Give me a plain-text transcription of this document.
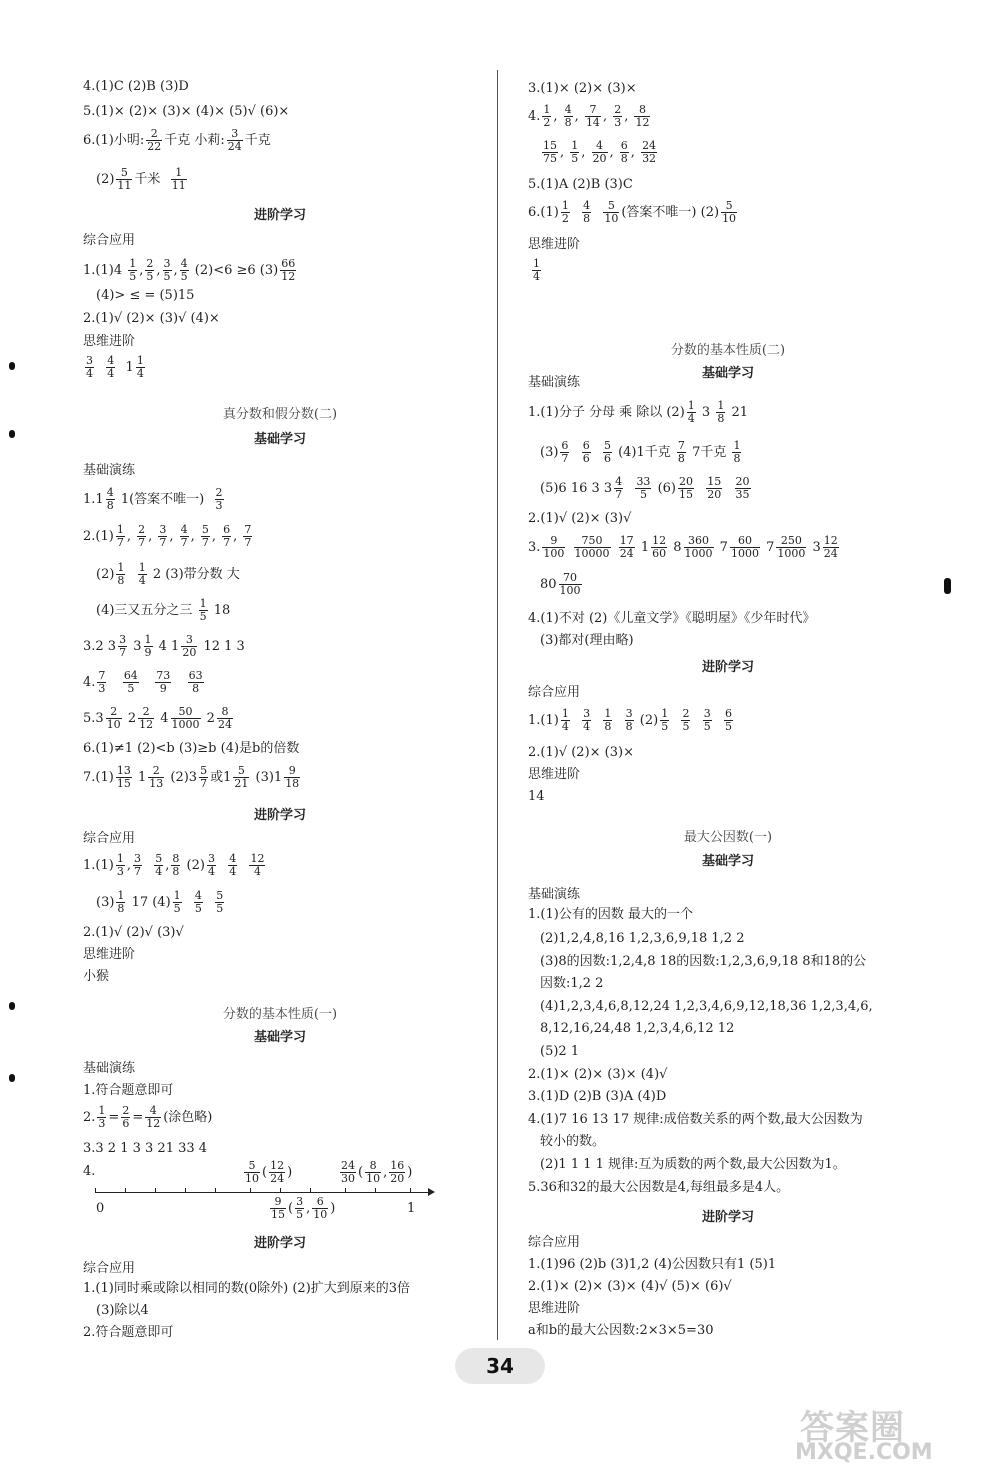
4.(1)C (2)B (3)D
5.(1)× (2)× (3)× (4)× (5)√ (6)×
6.(1)小明: $\frac{2}{22}$ 千克 小莉: $\frac{3}{24}$ 千克
$(2) \frac{5}{11}$ 千米 $\frac{1}{11}$
进阶学习
综合应用
$1.(1)4 \frac{1}{5}$ , $\frac{2}{5}$ , $\frac{3}{5}$ , $\frac{4}{5} (2)<6 \ge 6$ $(3) \frac{66}{12}$
(4)> ≤ = (5)15
2.(1)√ (2)× (3)√ (4)×
思维进阶
$\frac{3}{4}$
$\frac{4}{4} 1 \frac{1}{4}$
真分数和假分数(二)
基础学习
基础演练
$1.1 \frac{4}{8} 1$(答案不唯一) $\frac{2}{3}$
$2.(1) \frac{1}{7}$ , $\frac{2}{7}$ , $\frac{3}{7}$ , $\frac{4}{7}$ , $\frac{5}{7}$ , $\frac{6}{7}$ , $\frac{7}{7}$
$(2) \frac{1}{8}$
$\frac{1}{4} 2$ (3)带分数 大
(4)三又五分之三 $\frac{1}{5} 18$
3.2 $3 \frac{3}{7} 3 \frac{1}{9} 4$ $1 \frac{3}{20} 12$ 1 3
4. $\frac{7}{3}$
$\frac{64}{5}$
$\frac{73}{9}$
$\frac{63}{8}$
$5.3 \frac{2}{10} 2 \frac{2}{12} 4 \frac{50}{1000} 2 \frac{8}{24}$
6.(1)≠1 (2)<b (3)≥b (4)是b的倍数
$7.(1) \frac{13}{15} 1 \frac{2}{13} (2)3 \frac{5}{7}$ 或$1 \frac{5}{21} (3)1 \frac{9}{18}$
进阶学习
综合应用
$1.(1) \frac{1}{3}$ , $\frac{3}{7}$
$\frac{5}{4}$ , $\frac{8}{8} (2) \frac{3}{4}$
$\frac{4}{4}$
$\frac{12}{4}$
$(3) \frac{1}{8} 17$ $(4) \frac{1}{5}$
$\frac{4}{5}$
$\frac{5}{5}$
2.(1)√ (2)√ (3)√
思维进阶
小猴
分数的基本性质(一)
基础学习
基础演练
1.符合题意即可
2. $\frac{1}{3} = \frac{2}{6} = \frac{4}{12}$ (涂色略)
3.3 2 1 3 3 21 33 4
4.	$\frac{5}{10}$ ( $\frac{12}{24}$ )	$\frac{24}{30}$ ( $\frac{8}{10}$ , $\frac{16}{20}$ )
0	1
$\frac{9}{15}$ ( $\frac{3}{5}$ , $\frac{6}{10}$ )
进阶学习
综合应用
1.(1)同时乘或除以相同的数(0除外) (2)扩大到原来的3倍
(3)除以4
2.符合题意即可
3.(1)× (2)× (3)×
4. $\frac{1}{2}$ , $\frac{4}{8}$ , $\frac{7}{14}$ , $\frac{2}{3}$ , $\frac{8}{12}$
$\frac{15}{75}$ , $\frac{1}{5}$ , $\frac{4}{20}$ , $\frac{6}{8}$ , $\frac{24}{32}$
5.(1)A (2)B (3)C
$6.(1) \frac{1}{2}$
$\frac{4}{8}$
$\frac{5}{10}$ (答案不唯一) $(2) \frac{5}{10}$
思维进阶
$\frac{1}{4}$
分数的基本性质(二)
基础学习
基础演练
1.(1)分子 分母 乘 除以 $(2) \frac{1}{4} 3 \frac{1}{8} 21$
$(3) \frac{6}{7}$
$\frac{6}{6}$
$\frac{5}{6} (4)1$千克 $\frac{7}{8} 7$千克 $\frac{1}{8}$
(5)6 16 3 $3 \frac{4}{7}$
$\frac{33}{5} (6) \frac{20}{15}$
$\frac{15}{20}$
$\frac{20}{35}$
2.(1)√ (2)× (3)√
3. $\frac{9}{100}$
$\frac{750}{10000}$
$\frac{17}{24} 1 \frac{12}{60} 8 \frac{360}{1000} 7 \frac{60}{1000} 7 \frac{250}{1000} 3 \frac{12}{24}$
$80 \frac{70}{100}$
4.(1)不对 (2)《儿童文学》《聪明屋》《少年时代》
(3)都对(理由略)
进阶学习
综合应用
$1.(1) \frac{1}{4}$
$\frac{3}{4}$
$\frac{1}{8}$
$\frac{3}{8} (2) \frac{1}{5}$
$\frac{2}{5}$
$\frac{3}{5}$
$\frac{6}{5}$
2.(1)√ (2)× (3)×
思维进阶
14
最大公因数(一)
基础学习
基础演练
1.(1)公有的因数 最大的一个
(2)1,2,4,8,16 1,2,3,6,9,18 1,2 2
(3)8的因数:1,2,4,8 18的因数:1,2,3,6,9,18 8和18的公
因数:1,2 2
(4)1,2,3,4,6,8,12,24 1,2,3,4,6,9,12,18,36 1,2,3,4,6,
8,12,16,24,48 1,2,3,4,6,12 12
(5)2 1
2.(1)× (2)× (3)× (4)√
3.(1)D (2)B (3)A (4)D
4.(1)7 16 13 17 规律:成倍数关系的两个数,最大公因数为
较小的数。
(2)1 1 1 1 规律:互为质数的两个数,最大公因数为1。
5.36和32的最大公因数是4,每组最多是4人。
进阶学习
综合应用
1.(1)96 (2)b (3)1,2 (4)公因数只有1 (5)1
2.(1)× (2)× (3)× (4)√ (5)× (6)√
思维进阶
a和b的最大公因数:2×3×5=30
34
答案圈
MXQE.COM
